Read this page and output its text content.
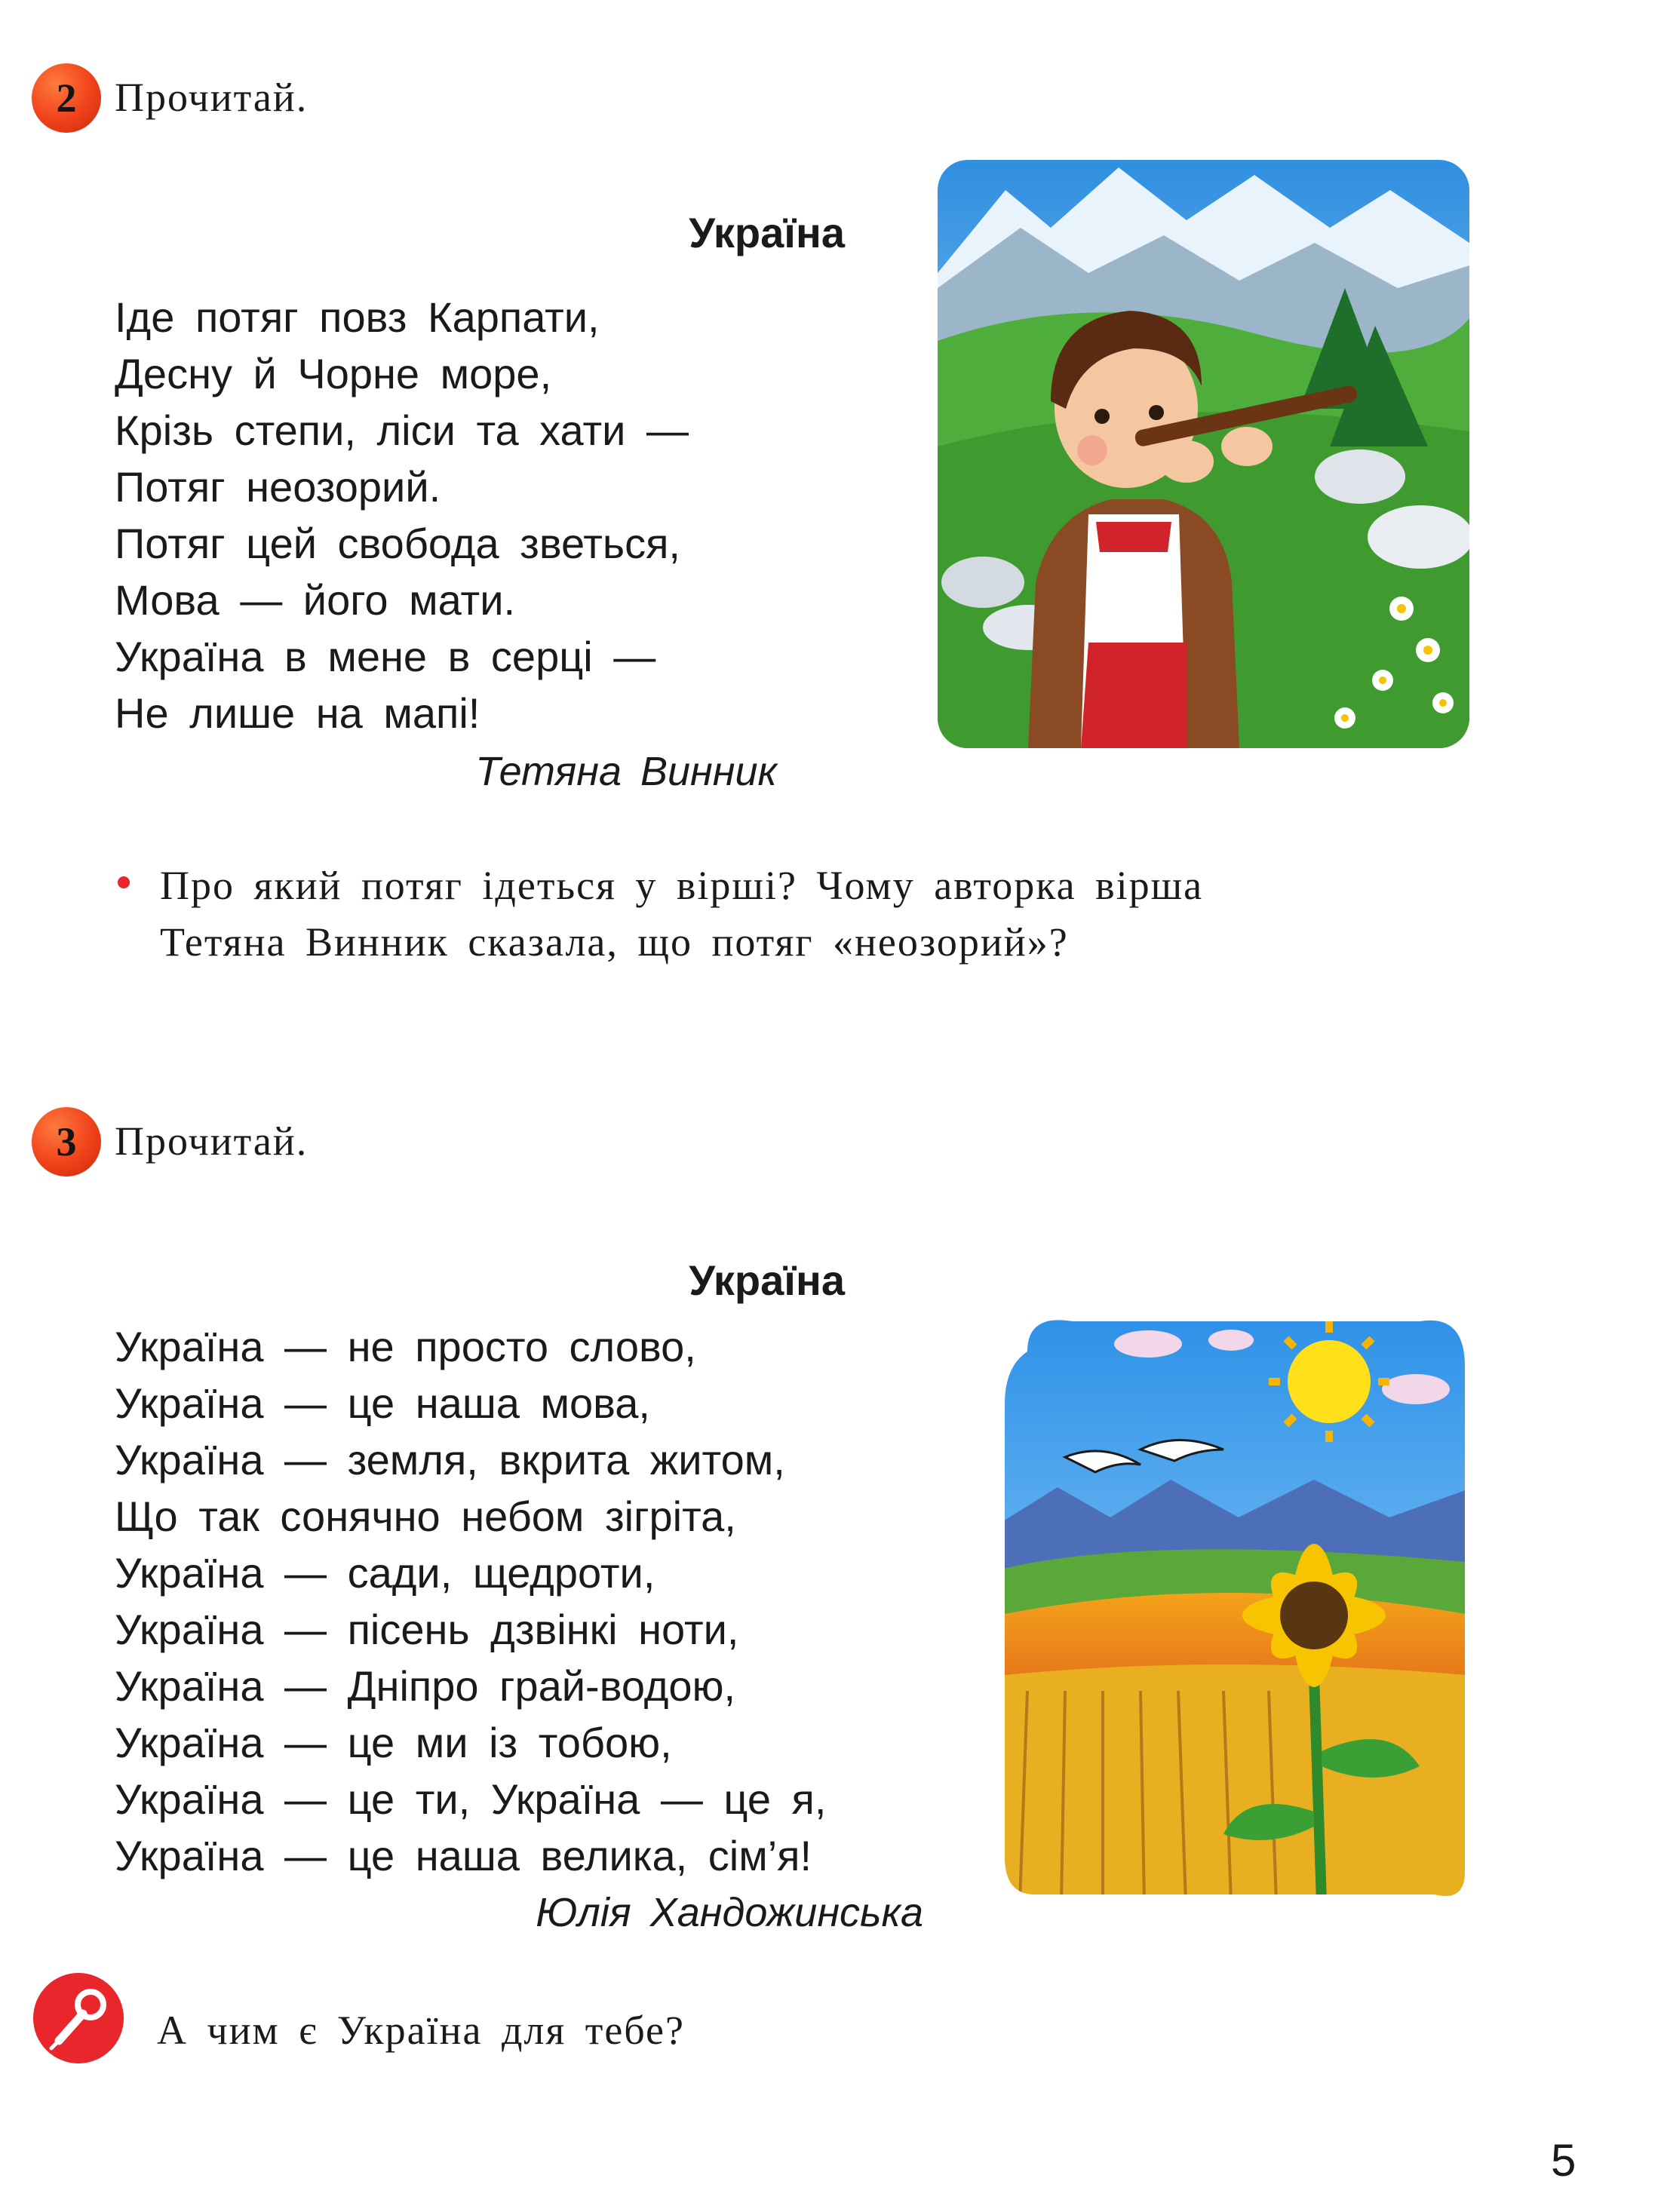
2 Прочитай.
Україна
Іде потяг повз Карпати,
Десну й Чорне море,
Крізь степи, ліси та хати —
Потяг неозорий.
Потяг цей свобода зветься,
Мова — його мати.
Україна в мене в серці —
Не лише на мапі!
Тетяна Винник
Про який потяг ідеться у вірші? Чому авторка вірша
Тетяна Винник сказала, що потяг «неозорий»?
3 Прочитай.
Україна
Україна — не просто слово,
Україна — це наша мова,
Україна — земля, вкрита житом,
Що так сонячно небом зігріта,
Україна — сади, щедроти,
Україна — пісень дзвінкі ноти,
Україна — Дніпро грай-водою,
Україна — це ми із тобою,
Україна — це ти, Україна — це я,
Україна — це наша велика, сім’я!
Юлія Хандожинська
А чим є Україна для тебе?
5
